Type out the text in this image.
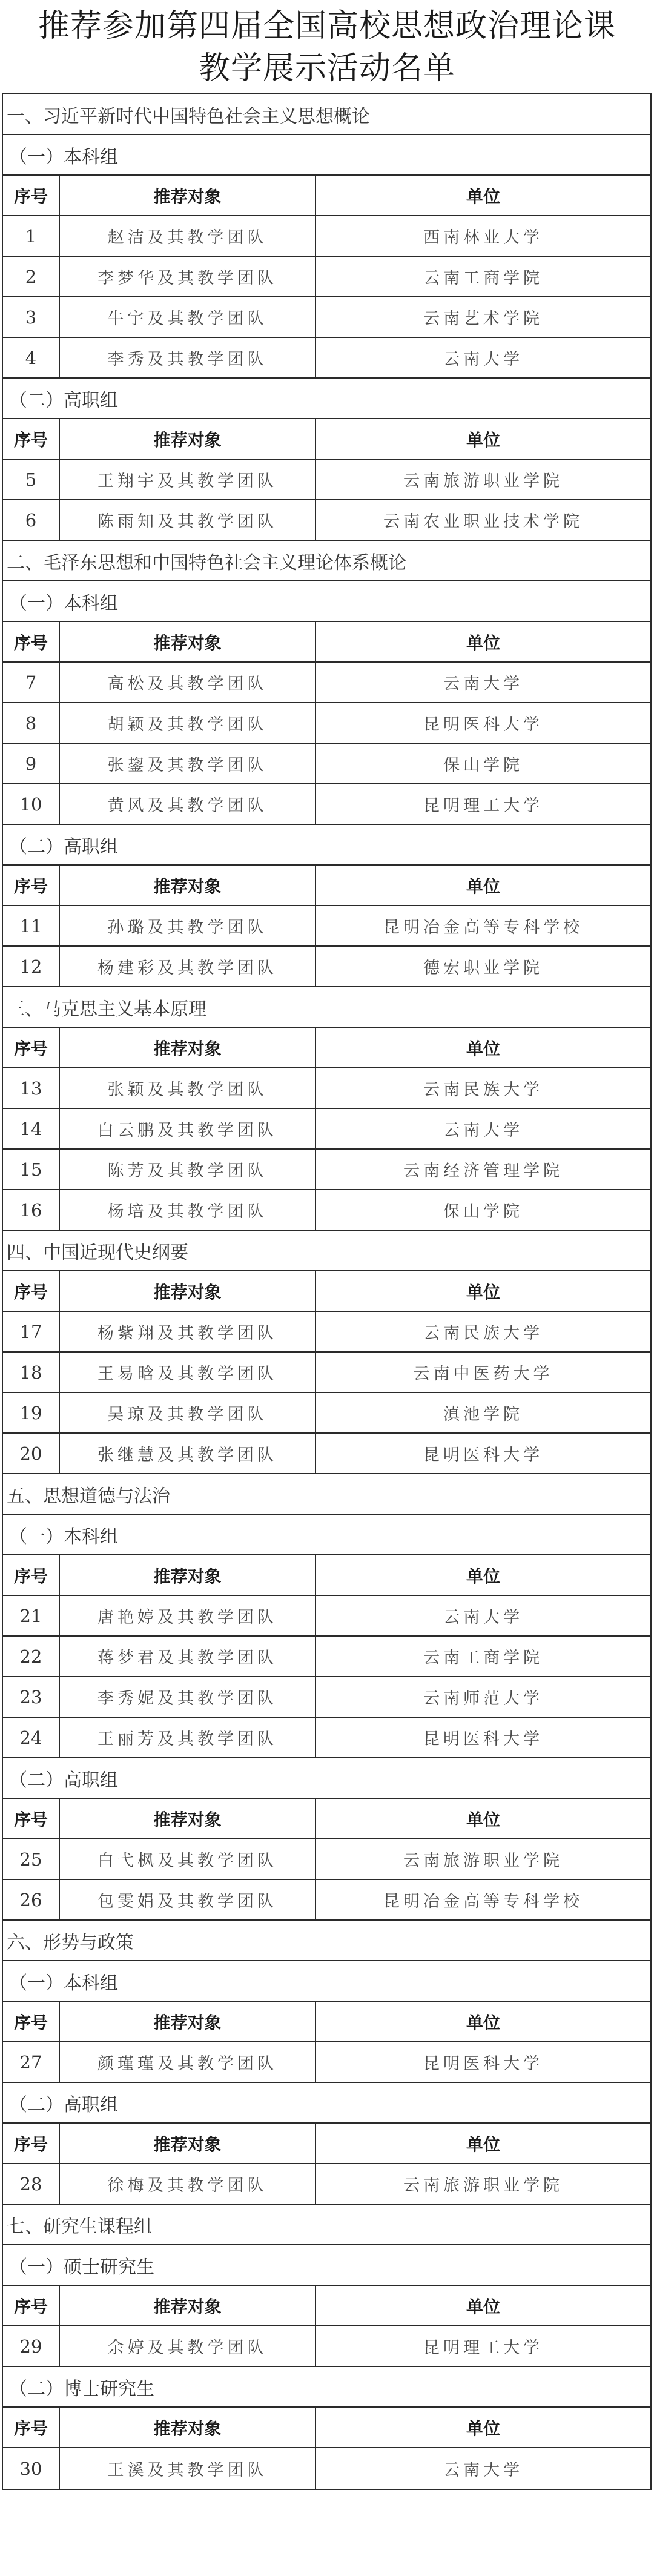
推荐参加第四届全国高校思想政治理论课
教学展示活动名单
一、习近平新时代中国特色社会主义思想概论
（一）本科组
序号	推荐对象	单位
1	赵洁及其教学团队	西南林业大学
2	李梦华及其教学团队	云南工商学院
3	牛宇及其教学团队	云南艺术学院
4	李秀及其教学团队	云南大学
（二）高职组
序号	推荐对象	单位
5	王翔宇及其教学团队	云南旅游职业学院
6	陈雨知及其教学团队	云南农业职业技术学院
二、毛泽东思想和中国特色社会主义理论体系概论
（一）本科组
序号	推荐对象	单位
7	高松及其教学团队	云南大学
8	胡颖及其教学团队	昆明医科大学
9	张鋆及其教学团队	保山学院
10	黄风及其教学团队	昆明理工大学
（二）高职组
序号	推荐对象	单位
11	孙璐及其教学团队	昆明冶金高等专科学校
12	杨建彩及其教学团队	德宏职业学院
三、马克思主义基本原理
序号	推荐对象	单位
13	张颖及其教学团队	云南民族大学
14	白云鹏及其教学团队	云南大学
15	陈芳及其教学团队	云南经济管理学院
16	杨培及其教学团队	保山学院
四、中国近现代史纲要
序号	推荐对象	单位
17	杨紫翔及其教学团队	云南民族大学
18	王易晗及其教学团队	云南中医药大学
19	吴琼及其教学团队	滇池学院
20	张继慧及其教学团队	昆明医科大学
五、思想道德与法治
（一）本科组
序号	推荐对象	单位
21	唐艳婷及其教学团队	云南大学
22	蒋梦君及其教学团队	云南工商学院
23	李秀妮及其教学团队	云南师范大学
24	王丽芳及其教学团队	昆明医科大学
（二）高职组
序号	推荐对象	单位
25	白弋枫及其教学团队	云南旅游职业学院
26	包雯娟及其教学团队	昆明冶金高等专科学校
六、形势与政策
（一）本科组
序号	推荐对象	单位
27	颜瑾瑾及其教学团队	昆明医科大学
（二）高职组
序号	推荐对象	单位
28	徐梅及其教学团队	云南旅游职业学院
七、研究生课程组
（一）硕士研究生
序号	推荐对象	单位
29	余婷及其教学团队	昆明理工大学
（二）博士研究生
序号	推荐对象	单位
30	王溪及其教学团队	云南大学
